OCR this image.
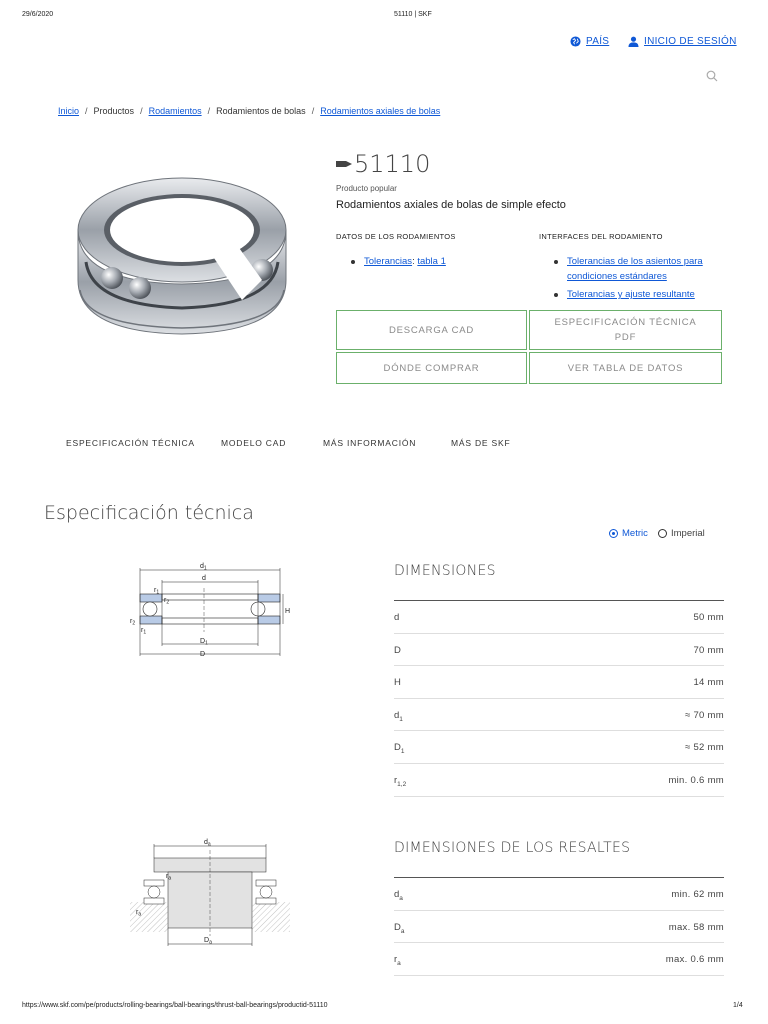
29/6/2020	51110 | SKF
PAÍS	INICIO DE SESIÓN
Inicio / Productos / Rodamientos / Rodamientos de bolas / Rodamientos axiales de bolas
51110
Producto popular
Rodamientos axiales de bolas de simple efecto
DATOS DE LOS RODAMIENTOS
Tolerancias: tabla 1
INTERFACES DEL RODAMIENTO
Tolerancias de los asientos para condiciones estándares
Tolerancias y ajuste resultante
DESCARGA CAD
ESPECIFICACIÓN TÉCNICA
PDF
DÓNDE COMPRAR	VER TABLA DE DATOS
ESPECIFICACIÓN TÉCNICA	MODELO CAD	MÁS INFORMACIÓN	MÁS DE SKF
Especificación técnica
Metric Imperial
$d_1$
d
H
$r_1$
$r_2$
$r_2$
$r_1$
$D_1$
D
DIMENSIONES
d	50 mm
D	70 mm
H	14 mm
$d_1$	≈ 70 mm
$D_1$	≈ 52 mm
$r_{1,2}$	min. 0.6 mm
$d_a$
$r_a$
$r_a$
$D_a$
DIMENSIONES DE LOS RESALTES
$d_a$	min. 62 mm
$D_a$	max. 58 mm
$r_a$	max. 0.6 mm
https://www.skf.com/pe/products/rolling-bearings/ball-bearings/thrust-ball-bearings/productid-51110	1/4
